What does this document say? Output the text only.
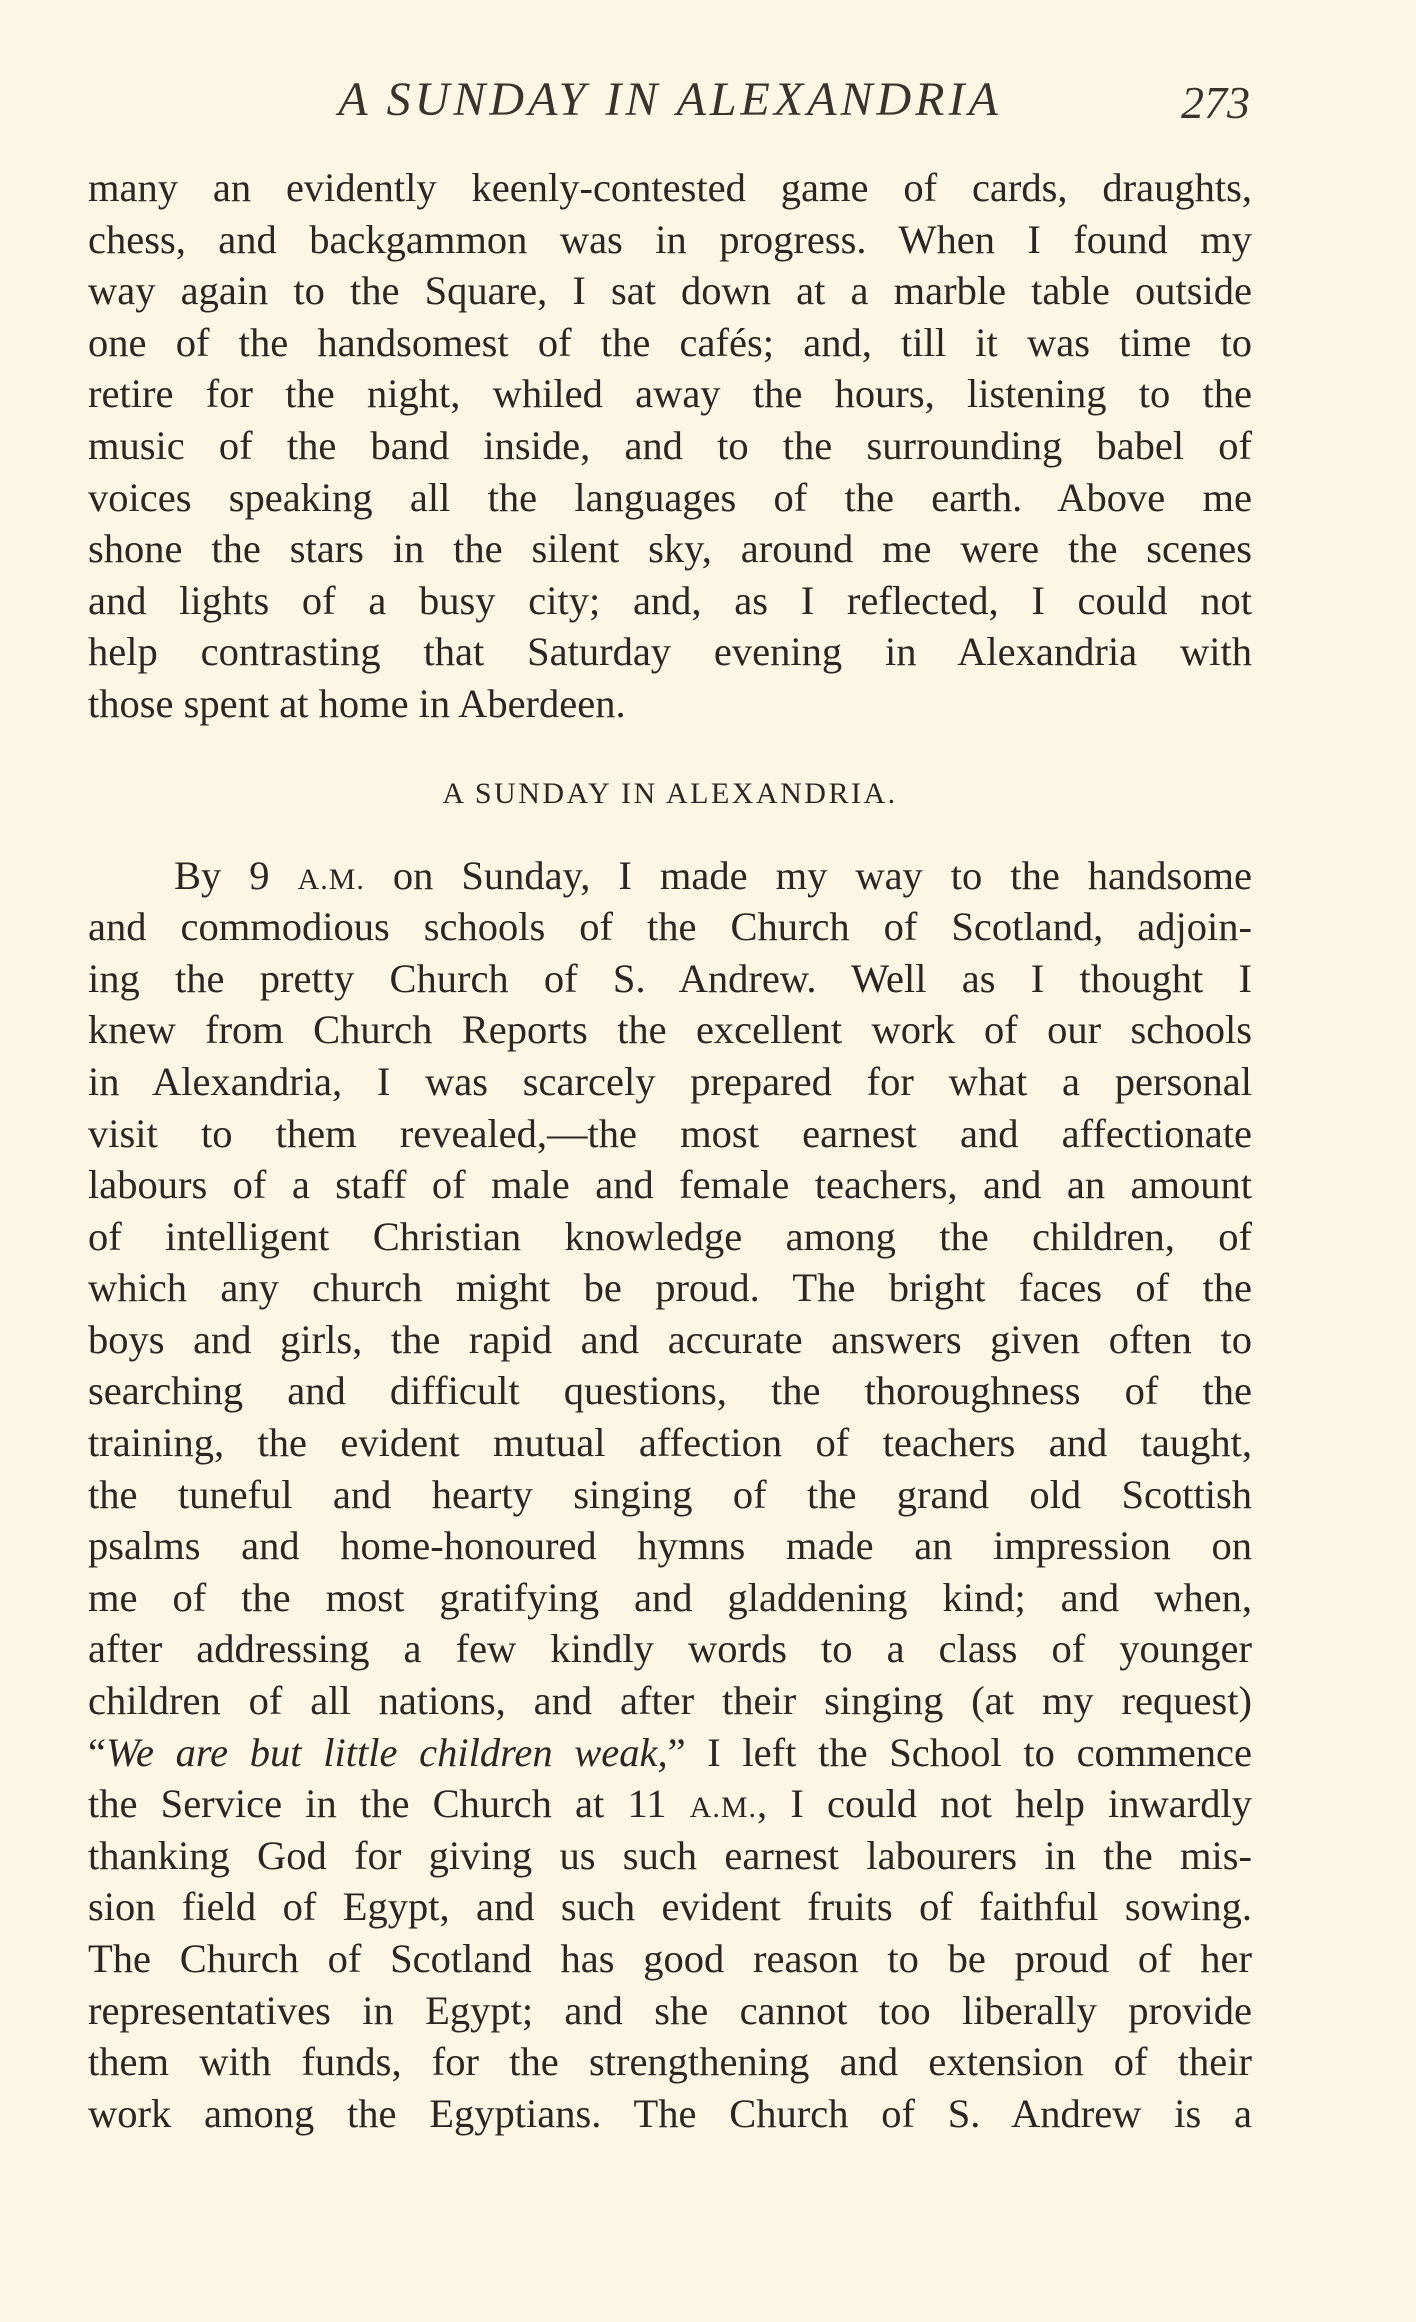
A SUNDAY IN ALEXANDRIA	273
many an evidently keenly-contested game of cards, draughts,
chess, and backgammon was in progress. When I found my
way again to the Square, I sat down at a marble table outside
one of the handsomest of the cafés; and, till it was time to
retire for the night, whiled away the hours, listening to the
music of the band inside, and to the surrounding babel of
voices speaking all the languages of the earth. Above me
shone the stars in the silent sky, around me were the scenes
and lights of a busy city; and, as I reflected, I could not
help contrasting that Saturday evening in Alexandria with
those spent at home in Aberdeen.
A SUNDAY IN ALEXANDRIA.
By 9 A.M. on Sunday, I made my way to the handsome
and commodious schools of the Church of Scotland, adjoin-
ing the pretty Church of S. Andrew. Well as I thought I
knew from Church Reports the excellent work of our schools
in Alexandria, I was scarcely prepared for what a personal
visit to them revealed,—the most earnest and affectionate
labours of a staff of male and female teachers, and an amount
of intelligent Christian knowledge among the children, of
which any church might be proud. The bright faces of the
boys and girls, the rapid and accurate answers given often to
searching and difficult questions, the thoroughness of the
training, the evident mutual affection of teachers and taught,
the tuneful and hearty singing of the grand old Scottish
psalms and home-honoured hymns made an impression on
me of the most gratifying and gladdening kind; and when,
after addressing a few kindly words to a class of younger
children of all nations, and after their singing (at my request)
“We are but little children weak,” I left the School to commence
the Service in the Church at 11 A.M., I could not help inwardly
thanking God for giving us such earnest labourers in the mis-
sion field of Egypt, and such evident fruits of faithful sowing.
The Church of Scotland has good reason to be proud of her
representatives in Egypt; and she cannot too liberally provide
them with funds, for the strengthening and extension of their
work among the Egyptians. The Church of S. Andrew is a
